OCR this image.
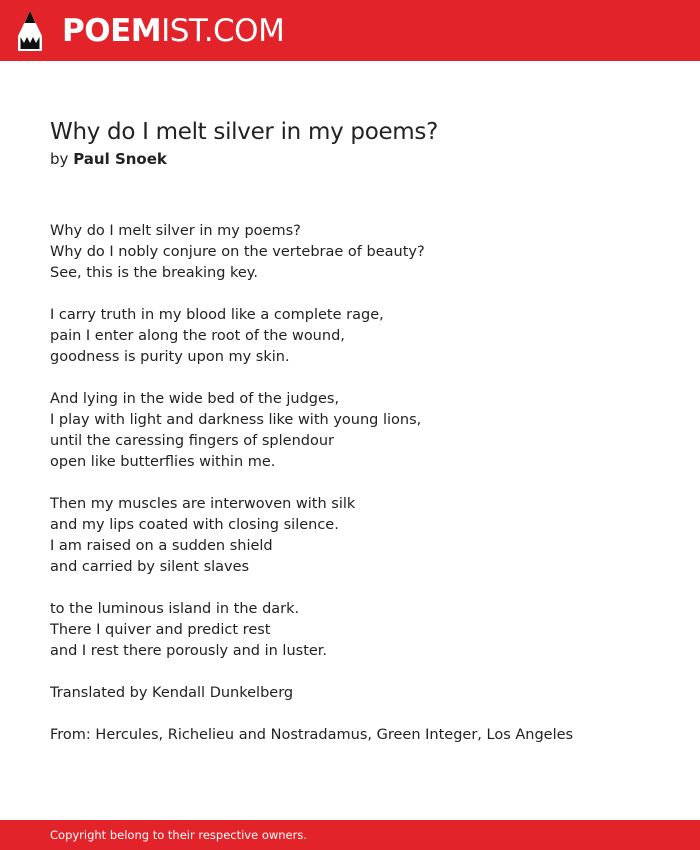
POEMIST.COM
Why do I melt silver in my poems?
by Paul Snoek

Why do I melt silver in my poems?
Why do I nobly conjure on the vertebrae of beauty?
See, this is the breaking key.

I carry truth in my blood like a complete rage,
pain I enter along the root of the wound,
goodness is purity upon my skin.

And lying in the wide bed of the judges,
I play with light and darkness like with young lions,
until the caressing fingers of splendour
open like butterflies within me.

Then my muscles are interwoven with silk
and my lips coated with closing silence.
I am raised on a sudden shield
and carried by silent slaves

to the luminous island in the dark.
There I quiver and predict rest
and I rest there porously and in luster.

Translated by Kendall Dunkelberg

From: Hercules, Richelieu and Nostradamus, Green Integer, Los Angeles

Copyright belong to their respective owners.
